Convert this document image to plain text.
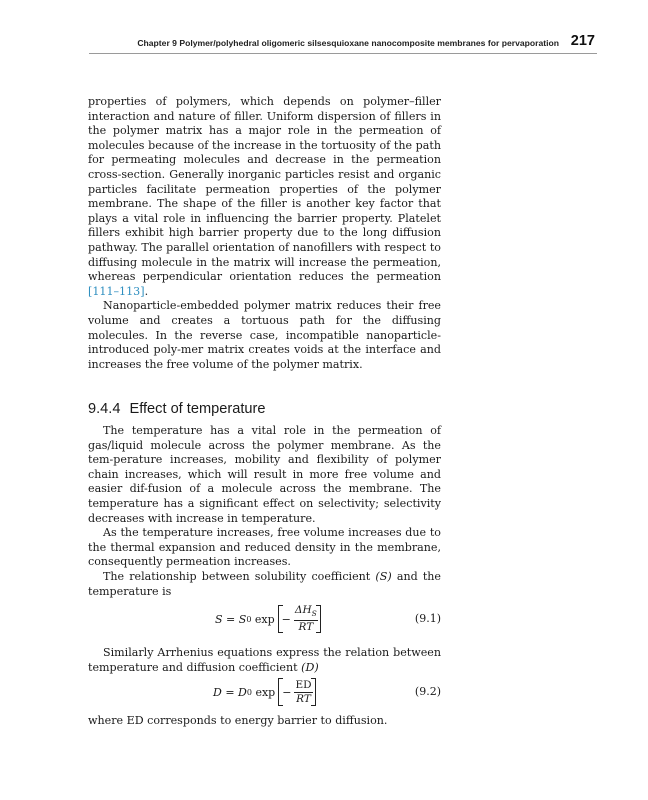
Chapter 9 Polymer/polyhedral oligomeric silsesquioxane nanocomposite membranes for pervaporation 217

properties of polymers, which depends on polymer–filler interaction and nature of filler. Uniform dispersion of fillers in the polymer matrix has a major role in the permeation of molecules because of the increase in the tortuosity of the path for permeating molecules and decrease in the permeation cross-section. Generally inorganic particles resist and organic particles facilitate permeation properties of the polymer membrane. The shape of the filler is another key factor that plays a vital role in influencing the barrier property. Platelet fillers exhibit high barrier property due to the long diffusion pathway. The parallel orientation of nanofillers with respect to diffusing molecule in the matrix will increase the permeation, whereas perpendicular orientation reduces the permeation [111–113].

Nanoparticle-embedded polymer matrix reduces their free volume and creates a tortuous path for the diffusing molecules. In the reverse case, incompatible nanoparticle-introduced poly-mer matrix creates voids at the interface and increases the free volume of the polymer matrix.

9.4.4 Effect of temperature

The temperature has a vital role in the permeation of gas/liquid molecule across the polymer membrane. As the tem-perature increases, mobility and flexibility of polymer chain increases, which will result in more free volume and easier dif-fusion of a molecule across the membrane. The temperature has a significant effect on selectivity; selectivity decreases with increase in temperature.

As the temperature increases, free volume increases due to the thermal expansion and reduced density in the membrane, consequently permeation increases.

The relationship between solubility coefficient (S) and the temperature is

S = S 0 $\exp - \frac{\Delta H_S}{RT}$	(9.1)

Similarly Arrhenius equations express the relation between temperature and diffusion coefficient (D)

D = D 0 $\exp - \frac{ED}{RT}$	(9.2)

where ED corresponds to energy barrier to diffusion.
